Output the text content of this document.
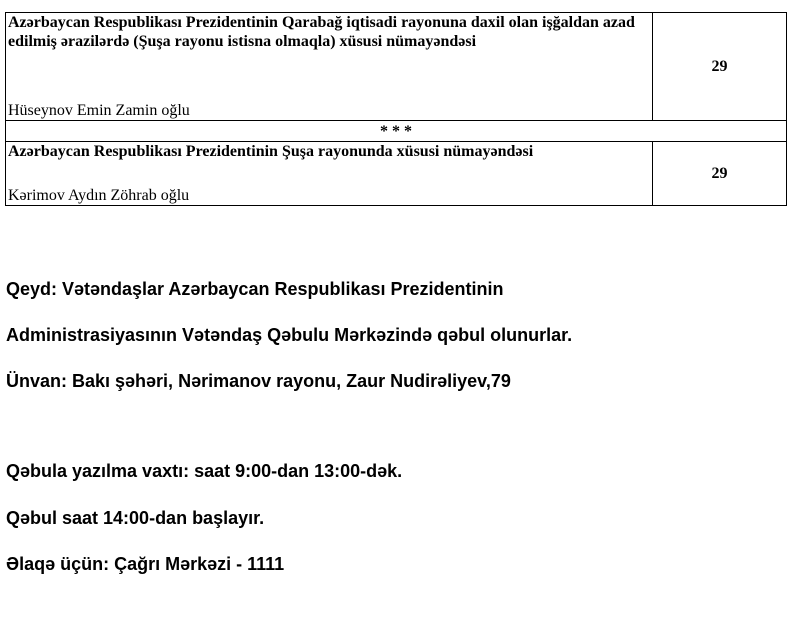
Azərbaycan Respublikası Prezidentinin Qarabağ iqtisadi rayonuna daxil olan işğaldan azad edilmiş ərazilərdə (Şuşa rayonu istisna olmaqla) xüsusi nümayəndəsi
Hüseynov Emin Zamin oğlu	29
* * *	

Azərbaycan Respublikası Prezidentinin Şuşa rayonunda xüsusi nümayəndəsi
Kərimov Aydın Zöhrab oğlu	29
Qeyd: Vətəndaşlar Azərbaycan Respublikası Prezidentinin
Administrasiyasının Vətəndaş Qəbulu Mərkəzində qəbul olunurlar.
Ünvan: Bakı şəhəri, Nərimanov rayonu, Zaur Nudirəliyev,79
Qəbula yazılma vaxtı: saat 9:00-dan 13:00-dək.
Qəbul saat 14:00-dan başlayır.
Əlaqə üçün: Çağrı Mərkəzi - 1111
